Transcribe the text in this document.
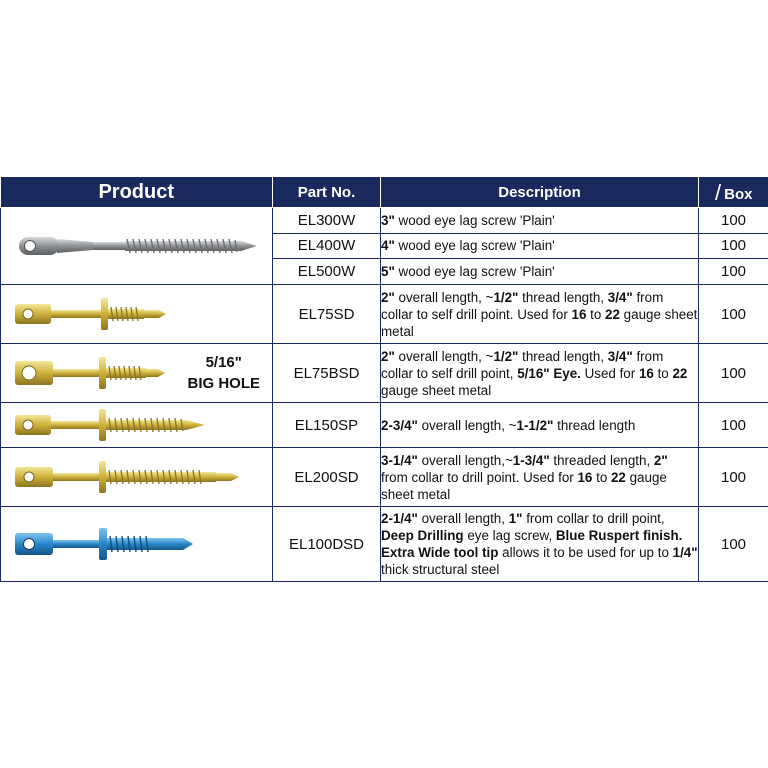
Product	Part No.	Description	/ Box

	EL300W	3" wood eye lag screw 'Plain'	100
	EL400W	4" wood eye lag screw 'Plain'	100
	EL500W	5" wood eye lag screw 'Plain'	100

	EL75SD	2" overall length, ~1/2" thread length, 3/4" from collar to self drill point. Used for 16 to 22 gauge sheet metal	100

5/16"
BIG HOLE	EL75BSD	2" overall length, ~1/2" thread length, 3/4" from collar to self drill point, 5/16" Eye. Used for 16 to 22 gauge sheet metal	100

	EL150SP	2-3/4" overall length, ~1-1/2" thread length	100

	EL200SD	3-1/4" overall length,~1-3/4" threaded length, 2" from collar to drill point. Used for 16 to 22 gauge sheet metal	100

	EL100DSD	2-1/4" overall length, 1" from collar to drill point, Deep Drilling eye lag screw, Blue Ruspert finish. Extra Wide tool tip allows it to be used for up to 1/4" thick structural steel	100
